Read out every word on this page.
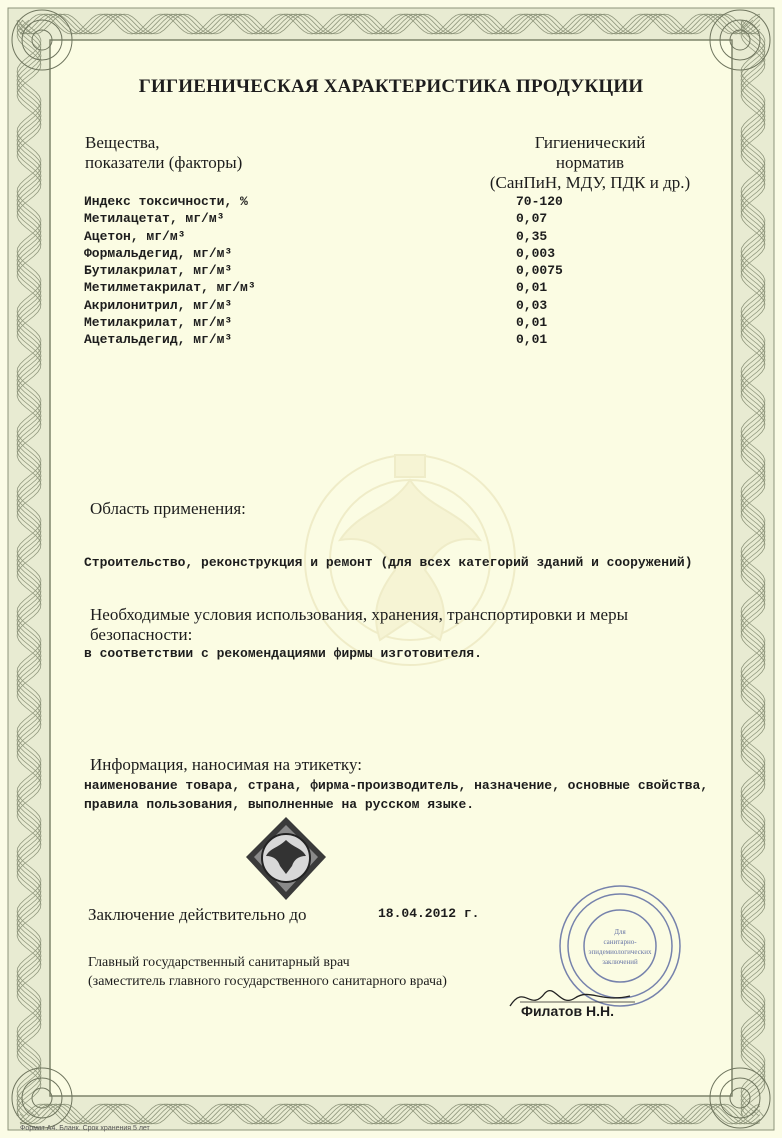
ГИГИЕНИЧЕСКАЯ ХАРАКТЕРИСТИКА ПРОДУКЦИИ
Вещества,
показатели (факторы)
Гигиенический
норматив
(СанПиН, МДУ, ПДК и др.)
Индекс токсичности, %	70-120
Метилацетат, мг/м³	0,07
Ацетон, мг/м³	0,35
Формальдегид, мг/м³	0,003
Бутилакрилат, мг/м³	0,0075
Метилметакрилат, мг/м³	0,01
Акрилонитрил, мг/м³	0,03
Метилакрилат, мг/м³	0,01
Ацетальдегид, мг/м³	0,01
Область применения:
Строительство, реконструкция и ремонт (для всех категорий зданий и сооружений)
Необходимые условия использования, хранения, транспортировки и меры безопасности:
в соответствии с рекомендациями фирмы изготовителя.
Информация, наносимая на этикетку:
наименование товара, страна, фирма-производитель, назначение, основные свойства, правила пользования, выполненные на русском языке.
Заключение действительно до	18.04.2012 г.
Главный государственный санитарный врач
(заместитель главного государственного санитарного врача)
Для
санитарно-
эпидемиологических
заключений
Филатов Н.Н.
Формат А4. Бланк. Срок хранения 5 лет
